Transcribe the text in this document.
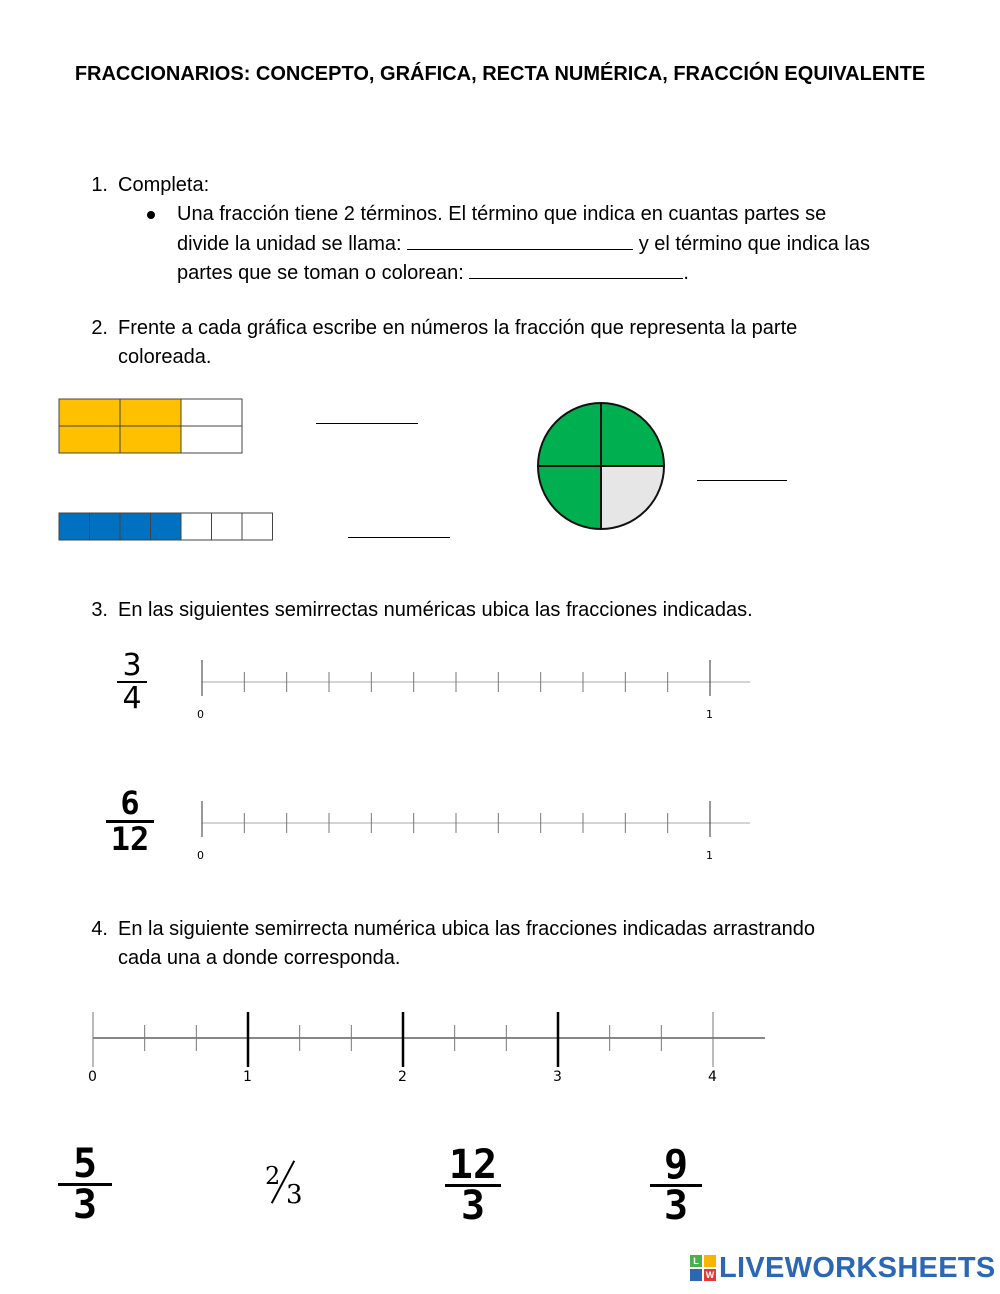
FRACCIONARIOS: CONCEPTO, GRÁFICA, RECTA NUMÉRICA, FRACCIÓN EQUIVALENTE
1. Completa:
Una fracción tiene 2 términos. El término que indica en cuantas partes se
divide la unidad se llama:	y el término que indica las
partes que se toman o colorean:	.
2. Frente a cada gráfica escribe en números la fracción que representa la parte
coloreada.
3. En las siguientes semirrectas numéricas ubica las fracciones indicadas.
3
4	0	1
6
12	0	1
4. En la siguiente semirrecta numérica ubica las fracciones indicadas arrastrando
cada una a donde corresponda.
0	1	2	3	4
5
3
2
3
12
3
9
3
L
W LIVEWORKSHEETS
